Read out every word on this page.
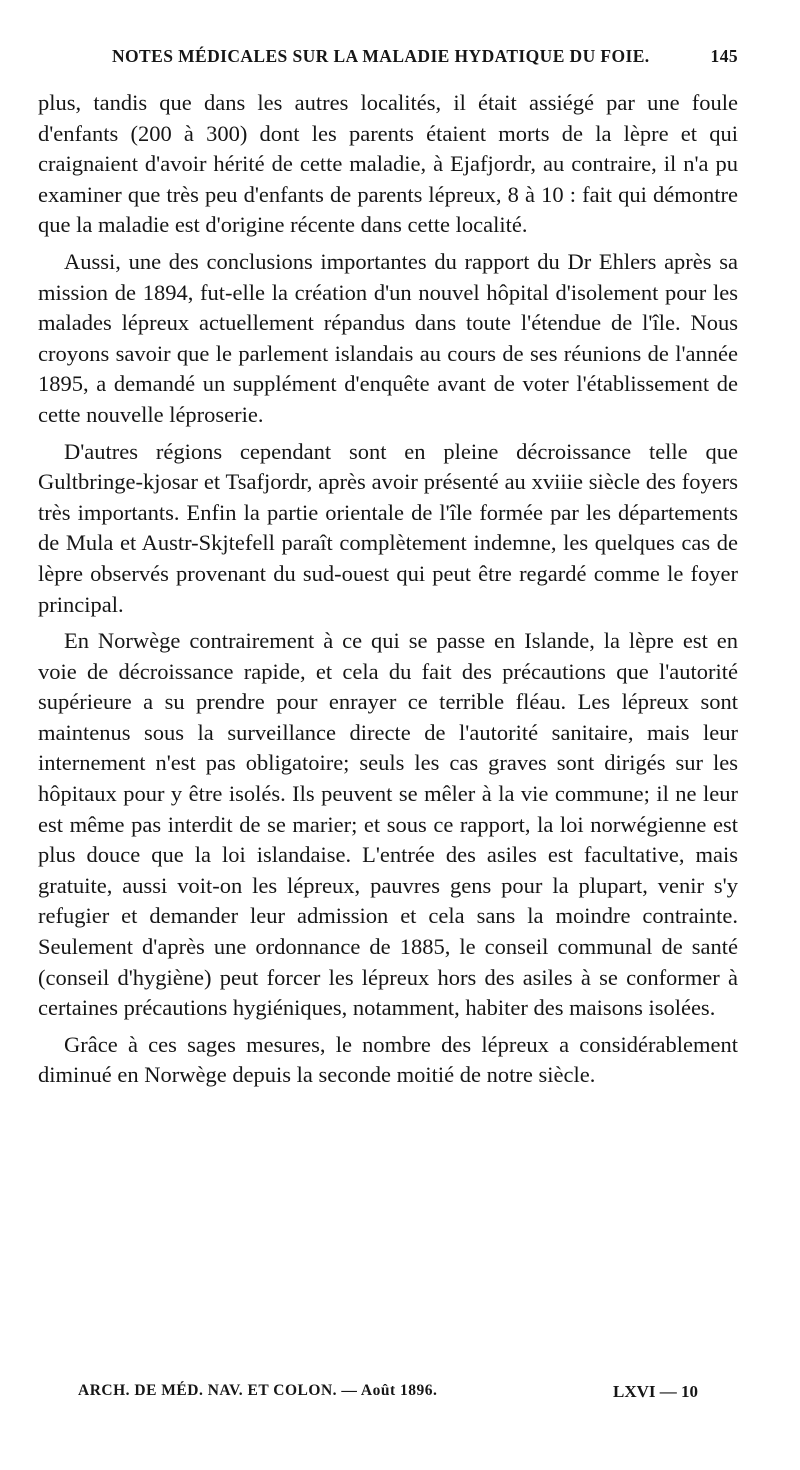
NOTES MÉDICALES SUR LA MALADIE HYDATIQUE DU FOIE.	145

plus, tandis que dans les autres localités, il était assiégé par une foule d'enfants (200 à 300) dont les parents étaient morts de la lèpre et qui craignaient d'avoir hérité de cette maladie, à Ejafjordr, au contraire, il n'a pu examiner que très peu d'enfants de parents lépreux, 8 à 10 : fait qui démontre que la maladie est d'origine récente dans cette localité.

Aussi, une des conclusions importantes du rapport du Dr Ehlers après sa mission de 1894, fut-elle la création d'un nouvel hôpital d'isolement pour les malades lépreux actuellement répandus dans toute l'étendue de l'île. Nous croyons savoir que le parlement islandais au cours de ses réunions de l'année 1895, a demandé un supplément d'enquête avant de voter l'établissement de cette nouvelle léproserie.

D'autres régions cependant sont en pleine décroissance telle que Gultbringe-kjosar et Tsafjordr, après avoir présenté au xviiie siècle des foyers très importants. Enfin la partie orientale de l'île formée par les départements de Mula et Austr-Skjtefell paraît complètement indemne, les quelques cas de lèpre observés provenant du sud-ouest qui peut être regardé comme le foyer principal.

En Norwège contrairement à ce qui se passe en Islande, la lèpre est en voie de décroissance rapide, et cela du fait des précautions que l'autorité supérieure a su prendre pour enrayer ce terrible fléau. Les lépreux sont maintenus sous la surveillance directe de l'autorité sanitaire, mais leur internement n'est pas obligatoire; seuls les cas graves sont dirigés sur les hôpitaux pour y être isolés. Ils peuvent se mêler à la vie commune; il ne leur est même pas interdit de se marier; et sous ce rapport, la loi norwégienne est plus douce que la loi islandaise. L'entrée des asiles est facultative, mais gratuite, aussi voit-on les lépreux, pauvres gens pour la plupart, venir s'y refugier et demander leur admission et cela sans la moindre contrainte. Seulement d'après une ordonnance de 1885, le conseil communal de santé (conseil d'hygiène) peut forcer les lépreux hors des asiles à se conformer à certaines précautions hygiéniques, notamment, habiter des maisons isolées.

Grâce à ces sages mesures, le nombre des lépreux a considérablement diminué en Norwège depuis la seconde moitié de notre siècle.

ARCH. DE MÉD. NAV. ET COLON. — Août 1896.	LXVI — 10
